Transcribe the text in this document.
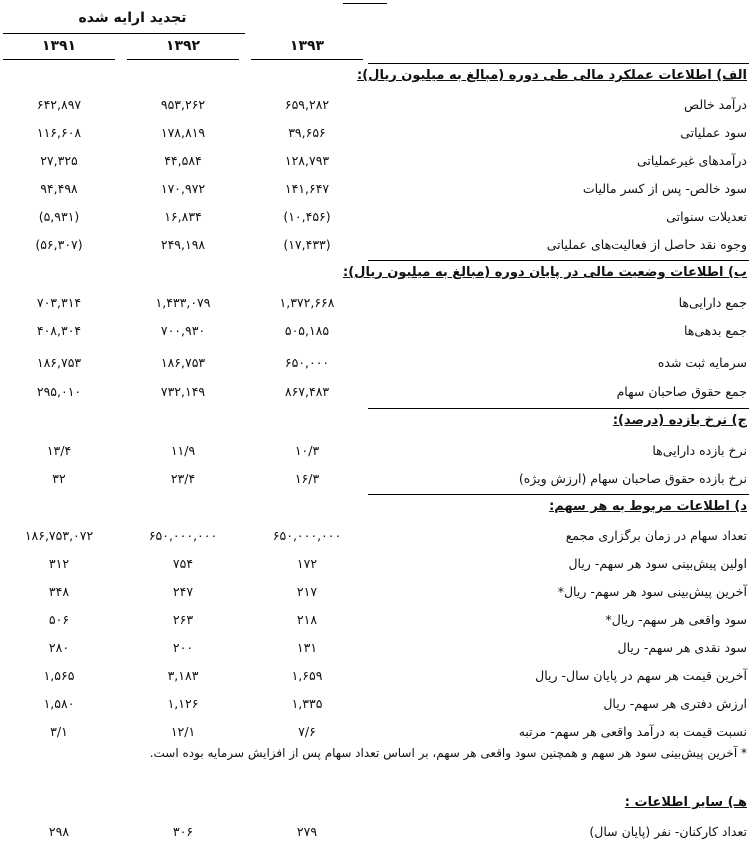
تجدید ارایه شده
۱۳۹۳
۱۳۹۲
۱۳۹۱
الف) اطلاعات عملکرد مالی طی دوره (مبالغ به میلیون ریال):
درآمد خالص
۶۵۹,۲۸۲
۹۵۳,۲۶۲
۶۴۲,۸۹۷
سود عملیاتی
۳۹,۶۵۶
۱۷۸,۸۱۹
۱۱۶,۶۰۸
درآمدهای غیرعملیاتی
۱۲۸,۷۹۳
۴۴,۵۸۴
۲۷,۳۲۵
سود خالص- پس از کسر مالیات
۱۴۱,۶۴۷
۱۷۰,۹۷۲
۹۴,۴۹۸
تعدیلات سنواتی
(۱۰,۴۵۶)
۱۶,۸۳۴
(۵,۹۳۱)
وجوه نقد حاصل از فعالیت‌های عملیاتی
(۱۷,۴۳۳)
۲۴۹,۱۹۸
(۵۶,۳۰۷)
ب) اطلاعات وضعیت مالی در پایان دوره (مبالغ به میلیون ریال):
جمع دارایی‌ها
۱,۳۷۲,۶۶۸
۱,۴۳۳,۰۷۹
۷۰۳,۳۱۴
جمع بدهی‌ها
۵۰۵,۱۸۵
۷۰۰,۹۳۰
۴۰۸,۳۰۴
سرمایه ثبت شده
۶۵۰,۰۰۰
۱۸۶,۷۵۳
۱۸۶,۷۵۳
جمع حقوق صاحبان سهام
۸۶۷,۴۸۳
۷۳۲,۱۴۹
۲۹۵,۰۱۰
ج) نرخ بازده (درصد):
نرخ بازده دارایی‌ها
۱۰/۳
۱۱/۹
۱۳/۴
نرخ بازده حقوق صاحبان سهام (ارزش ویژه)
۱۶/۳
۲۳/۴
۳۲
د) اطلاعات مربوط به هر سهم:
تعداد سهام در زمان برگزاری مجمع
۶۵۰,۰۰۰,۰۰۰
۶۵۰,۰۰۰,۰۰۰
۱۸۶,۷۵۳,۰۷۲
اولین پیش‌بینی سود هر سهم- ریال
۱۷۲
۷۵۴
۳۱۲
آخرین پیش‌بینی سود هر سهم- ریال*
۲۱۷
۲۴۷
۳۴۸
سود واقعی هر سهم- ریال*
۲۱۸
۲۶۳
۵۰۶
سود نقدی هر سهم- ریال
۱۳۱
۲۰۰
۲۸۰
آخرین قیمت هر سهم در پایان سال- ریال
۱,۶۵۹
۳,۱۸۳
۱,۵۶۵
ارزش دفتری هر سهم- ریال
۱,۳۳۵
۱,۱۲۶
۱,۵۸۰
نسبت قیمت به درآمد واقعی هر سهم- مرتبه
۷/۶
۱۲/۱
۳/۱
* آخرین پیش‌بینی سود هر سهم و همچنین سود واقعی هر سهم، بر اساس تعداد سهام پس از افزایش سرمایه بوده است.
هـ) سایر اطلاعات :
تعداد کارکنان- نفر (پایان سال)
۲۷۹
۳۰۶
۲۹۸
